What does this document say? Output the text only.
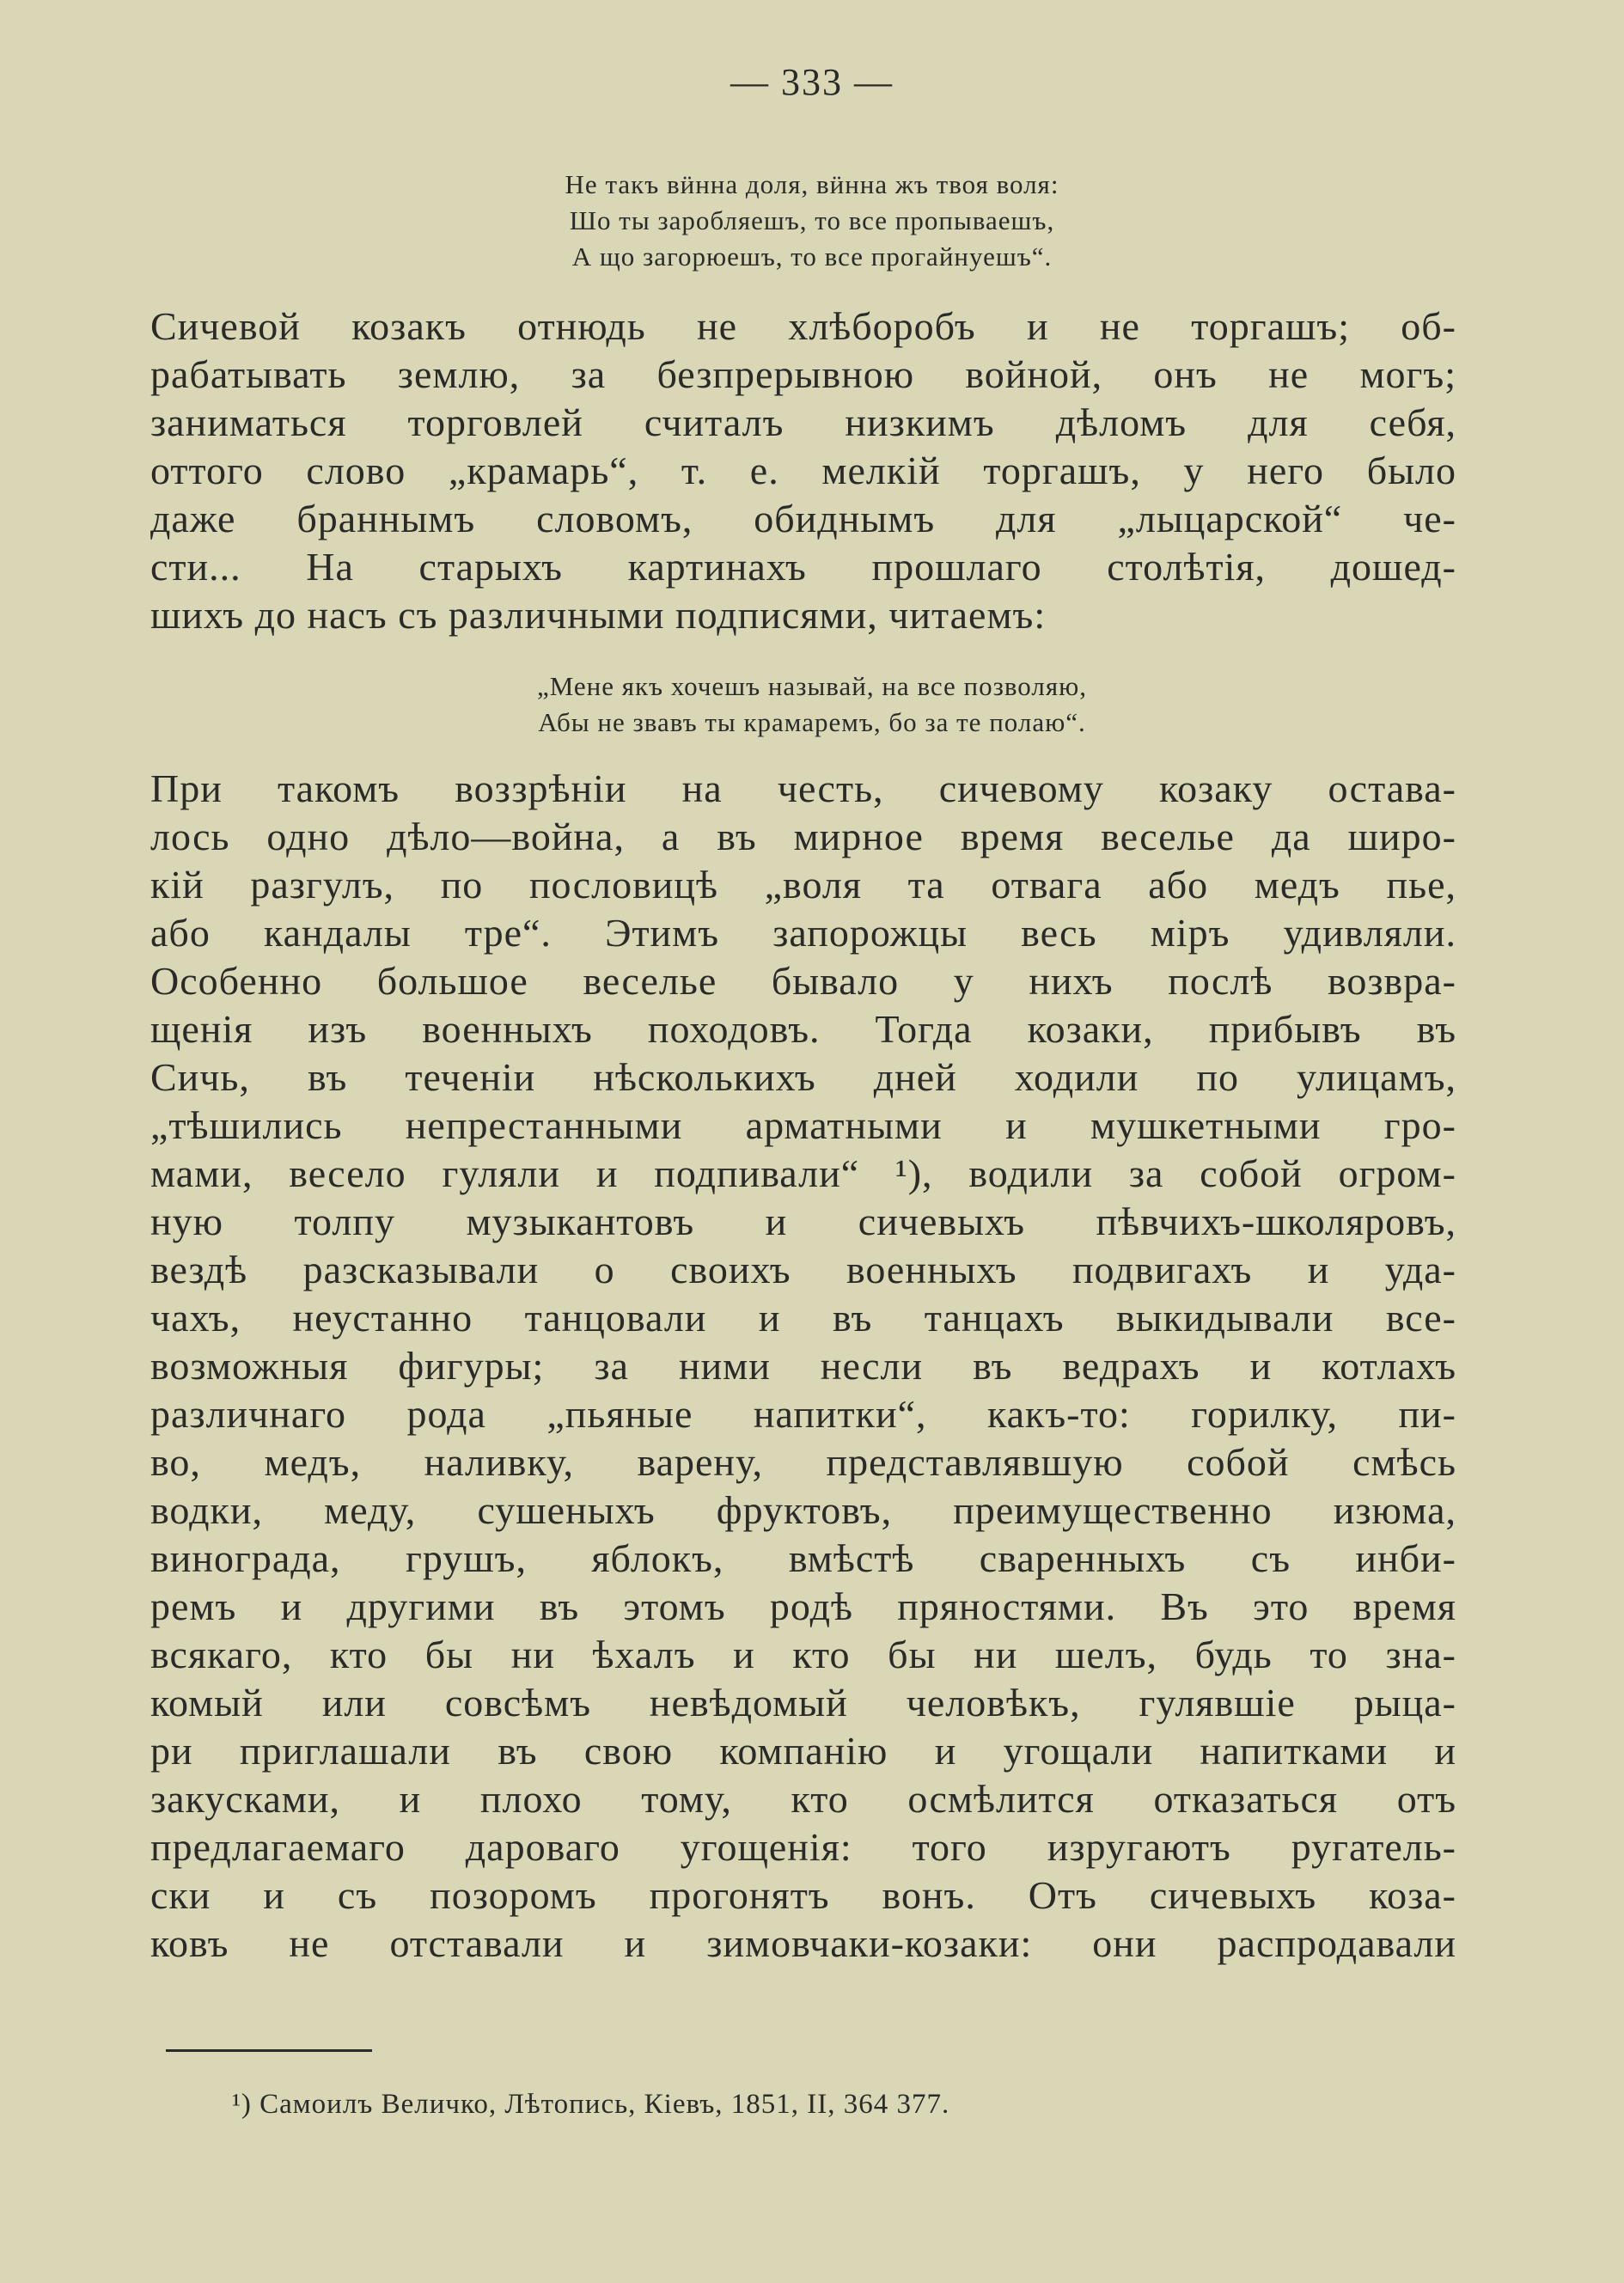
— 333 —
Не такъ вӥнна доля, вӥнна жъ твоя воля:
Шо ты заробляешъ, то все пропываешъ,
А що загорюешъ, то все прогайнуешъ“.
Сичевой козакъ отнюдь не хлѣборобъ и не торгашъ; об-
рабатывать землю, за безпрерывною войной, онъ не могъ;
заниматься торговлей считалъ низкимъ дѣломъ для себя,
оттого слово „крамарь“, т. е. мелкій торгашъ, у него было
даже браннымъ словомъ, обиднымъ для „лыцарской“ че-
сти... На старыхъ картинахъ прошлаго столѣтія, дошед-
шихъ до насъ съ различными подписями, читаемъ:
„Мене якъ хочешъ называй, на все позволяю,
Абы не звавъ ты крамаремъ, бо за те полаю“.
При такомъ воззрѣніи на честь, сичевому козаку остава-
лось одно дѣло—война, а въ мирное время веселье да широ-
кій разгулъ, по пословицѣ „воля та отвага або медъ пье,
або кандалы тре“. Этимъ запорожцы весь міръ удивляли.
Особенно большое веселье бывало у нихъ послѣ возвра-
щенія изъ военныхъ походовъ. Тогда козаки, прибывъ въ
Сичь, въ теченіи нѣсколькихъ дней ходили по улицамъ,
„тѣшились непрестанными арматными и мушкетными гро-
мами, весело гуляли и подпивали“ ¹), водили за собой огром-
ную толпу музыкантовъ и сичевыхъ пѣвчихъ-школяровъ,
вездѣ разсказывали о своихъ военныхъ подвигахъ и уда-
чахъ, неустанно танцовали и въ танцахъ выкидывали все-
возможныя фигуры; за ними несли въ ведрахъ и котлахъ
различнаго рода „пьяные напитки“, какъ-то: горилку, пи-
во, медъ, наливку, варену, представлявшую собой смѣсь
водки, меду, сушеныхъ фруктовъ, преимущественно изюма,
винограда, грушъ, яблокъ, вмѣстѣ сваренныхъ съ инби-
ремъ и другими въ этомъ родѣ пряностями. Въ это время
всякаго, кто бы ни ѣхалъ и кто бы ни шелъ, будь то зна-
комый или совсѣмъ невѣдомый человѣкъ, гулявшіе рыца-
ри приглашали въ свою компанію и угощали напитками и
закусками, и плохо тому, кто осмѣлится отказаться отъ
предлагаемаго дароваго угощенія: того изругаютъ ругатель-
ски и съ позоромъ прогонятъ вонъ. Отъ сичевыхъ коза-
ковъ не отставали и зимовчаки-козаки: они распродавали
¹) Самоилъ Величко, Лѣтопись, Кіевъ, 1851, II, 364 377.
